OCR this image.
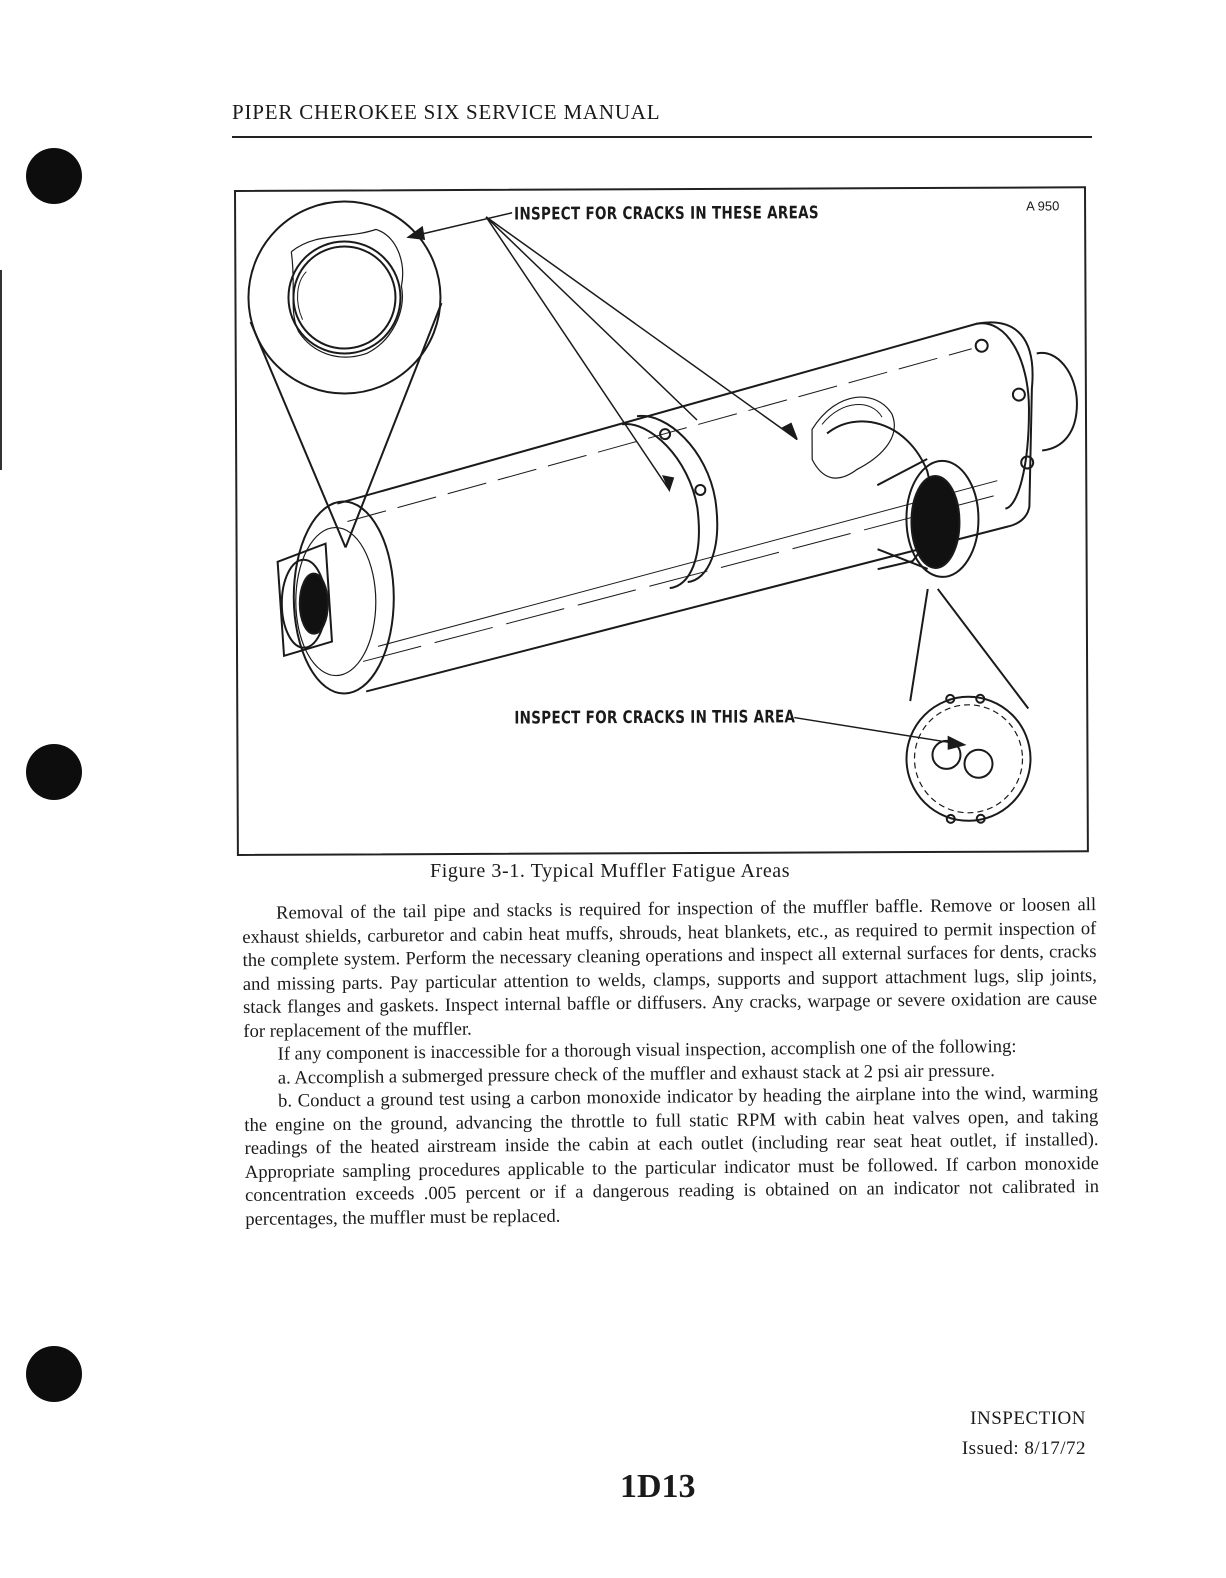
PIPER CHEROKEE SIX SERVICE MANUAL
INSPECT FOR CRACKS IN THESE AREAS
INSPECT FOR CRACKS IN THIS AREA
A 950
Figure 3-1. Typical Muffler Fatigue Areas

Removal of the tail pipe and stacks is required for inspection of the muffler baffle. Remove or loosen all exhaust shields, carburetor and cabin heat muffs, shrouds, heat blankets, etc., as required to permit inspection of the complete system. Perform the necessary cleaning operations and inspect all external surfaces for dents, cracks and missing parts. Pay particular attention to welds, clamps, supports and support attachment lugs, slip joints, stack flanges and gaskets. Inspect internal baffle or diffusers. Any cracks, warpage or severe oxidation are cause for replacement of the muffler.

If any component is inaccessible for a thorough visual inspection, accomplish one of the following:

a. Accomplish a submerged pressure check of the muffler and exhaust stack at 2 psi air pressure.

b. Conduct a ground test using a carbon monoxide indicator by heading the airplane into the wind, warming the engine on the ground, advancing the throttle to full static RPM with cabin heat valves open, and taking readings of the heated airstream inside the cabin at each outlet (including rear seat heat outlet, if installed). Appropriate sampling procedures applicable to the particular indicator must be followed. If carbon monoxide concentration exceeds .005 percent or if a dangerous reading is obtained on an indicator not calibrated in percentages, the muffler must be replaced.

INSPECTION
Issued: 8/17/72
1D13
